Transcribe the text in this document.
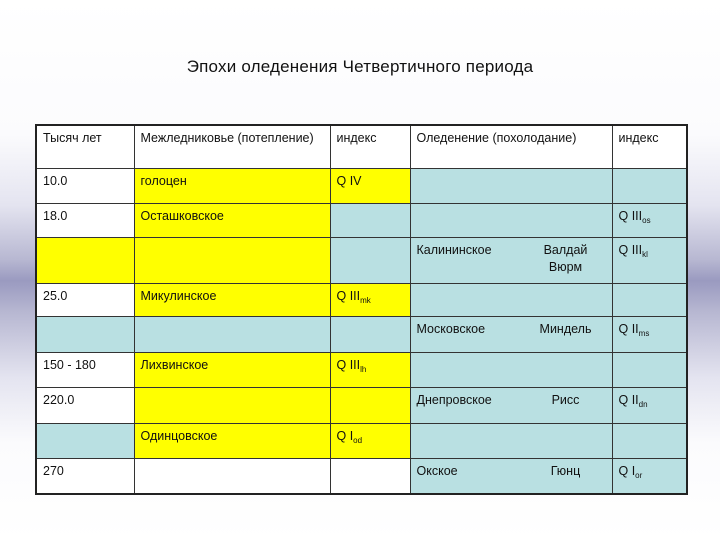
Эпохи оледенения Четвертичного периода
Тысяч лет	Межледниковье (потепление)	индекс	Оледенение (похолодание)	индекс
10.0	голоцен	Q IV		
18.0	Осташковское			Q $III_{os}$

			Калининское Валдай Вюрм	Q $III_{kl}$
25.0	Микулинское	Q $III_{mk}$		

			Московское Миндель	Q $II_{ms}$
150 - 180	Лихвинское	Q $III_{lh}$		
220.0			Днепровское Рисс	Q $II_{dn}$
	Одинцовское	Q $I_{od}$		
270			Окское Гюнц	Q $I_{or}$
